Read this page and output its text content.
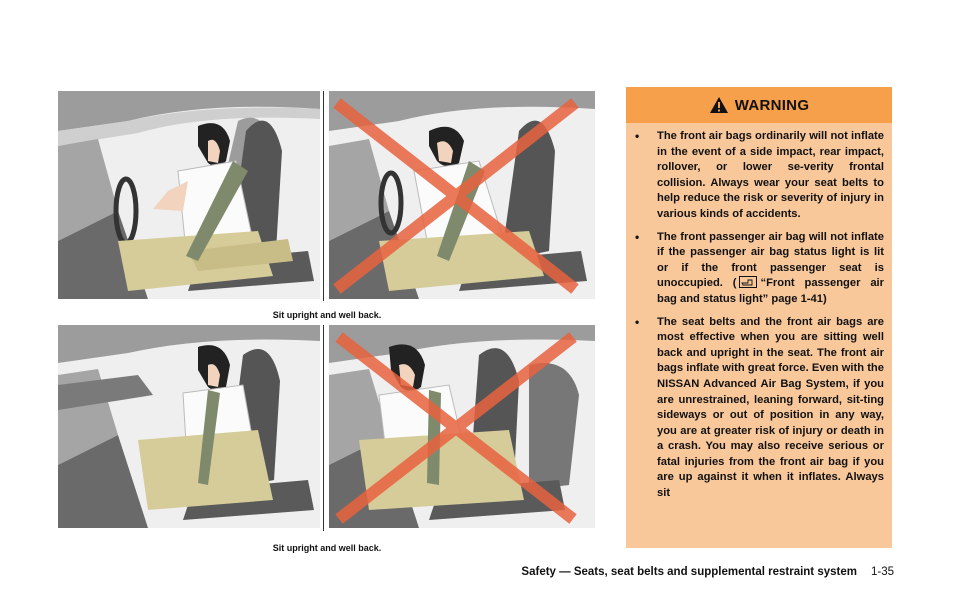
Sit upright and well back.
Sit upright and well back.
WARNING
• The front air bags ordinarily will not inflate in the event of a side impact, rear impact, rollover, or lower se-verity frontal collision. Always wear your seat belts to help reduce the risk or severity of injury in various kinds of accidents.
• The front passenger air bag will not inflate if the passenger air bag status light is lit or if the front passenger seat is unoccupied. ( “Front passenger air bag and status light” page 1-41)
• The seat belts and the front air bags are most effective when you are sitting well back and upright in the seat. The front air bags inflate with great force. Even with the NISSAN Advanced Air Bag System, if you are unrestrained, leaning forward, sit-ting sideways or out of position in any way, you are at greater risk of injury or death in a crash. You may also receive serious or fatal injuries from the front air bag if you are up against it when it inflates. Always sit
Safety — Seats, seat belts and supplemental restraint system 1-35
